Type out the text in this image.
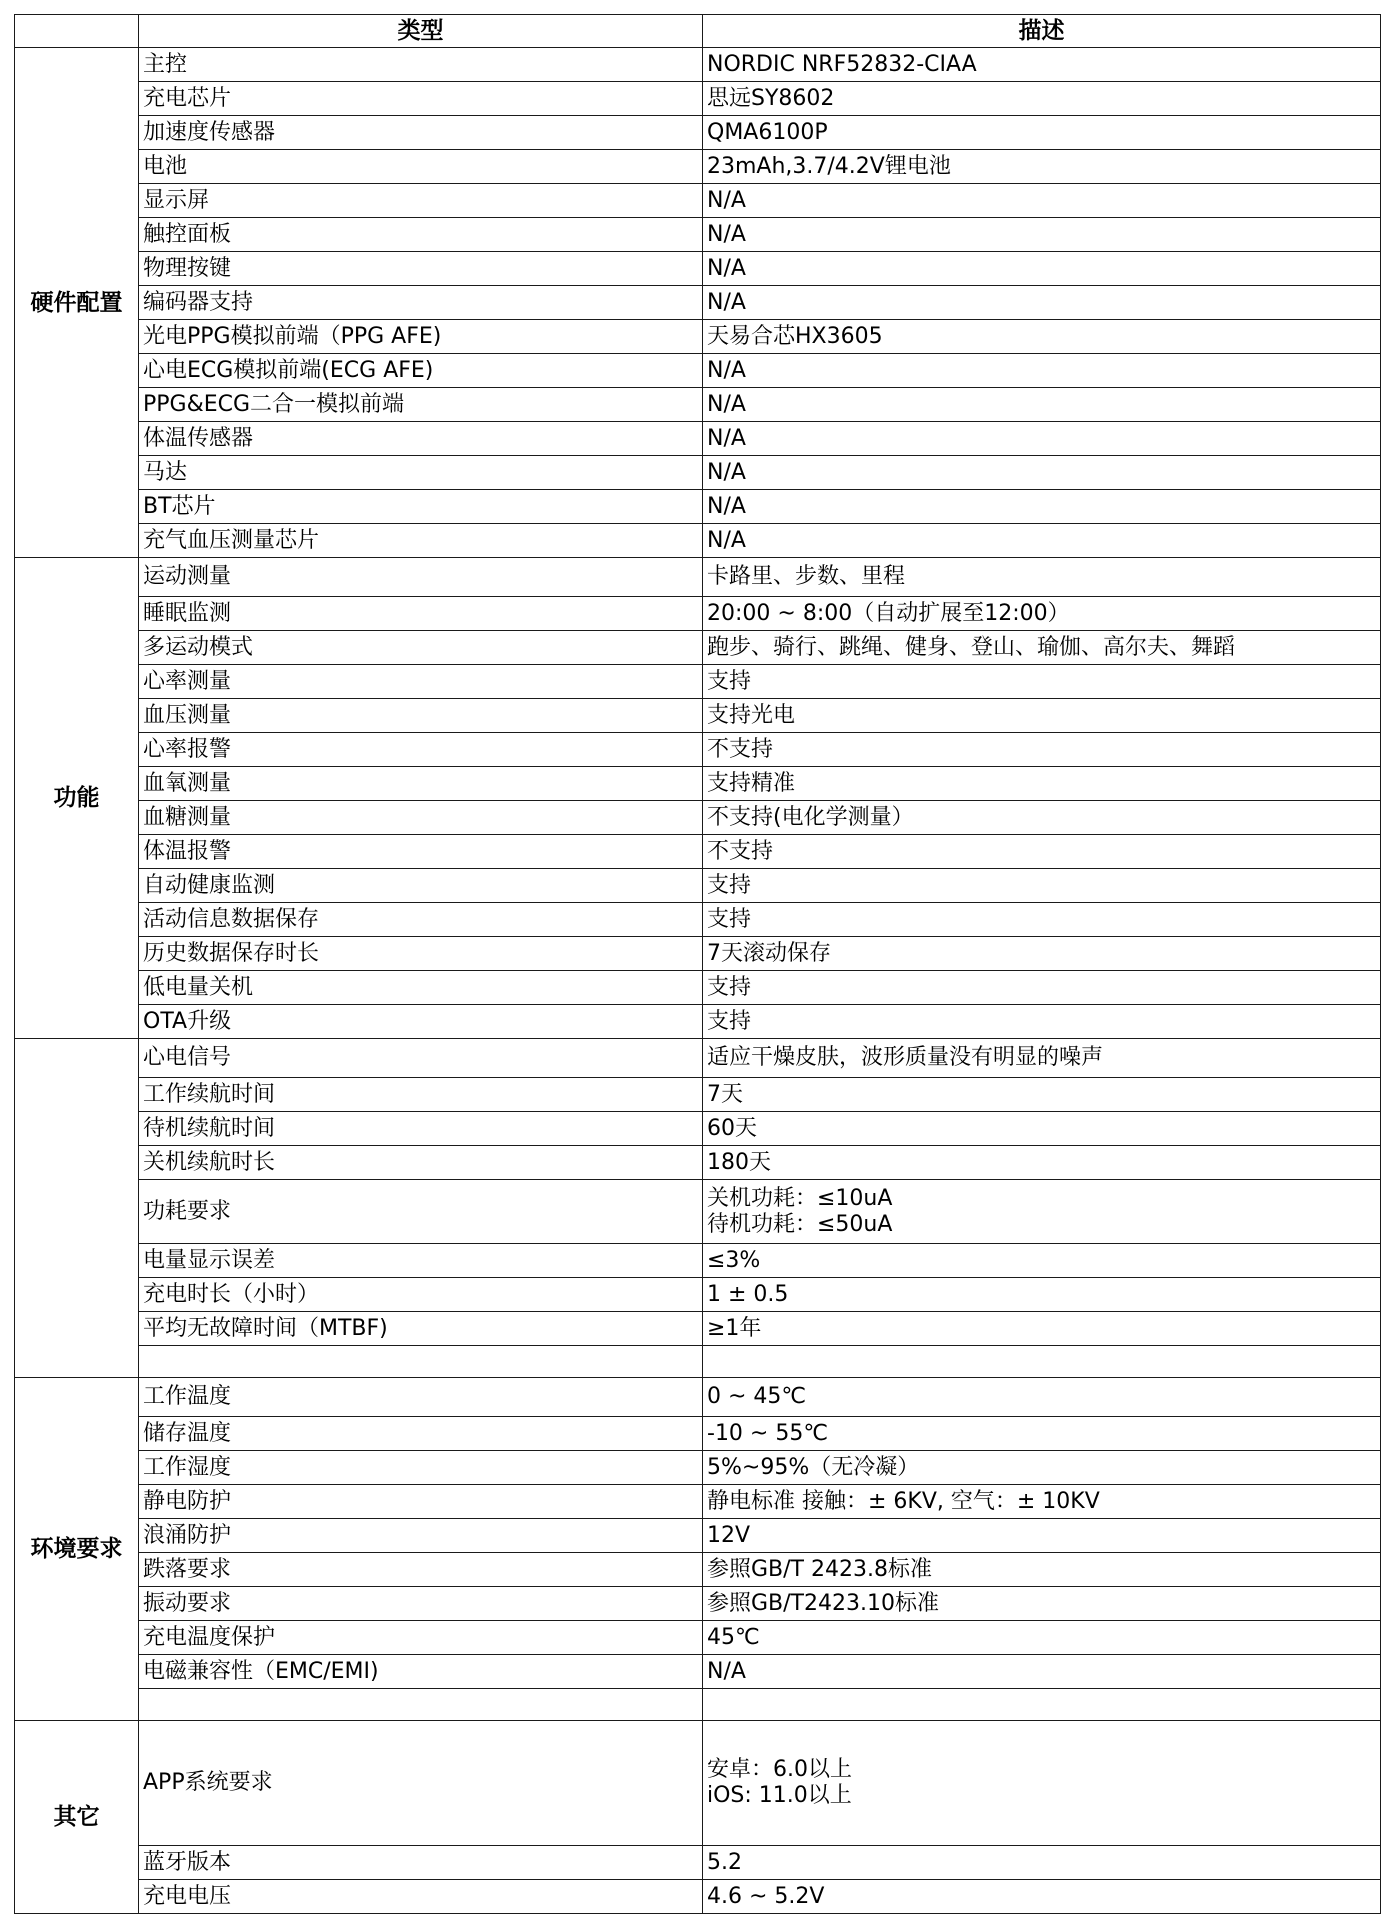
	类型	描述
硬件配置	主控	NORDIC NRF52832-CIAA

	充电芯片	思远SY8602

	加速度传感器	QMA6100P

	电池	23mAh,3.7/4.2V锂电池

	显示屏	N/A

	触控面板	N/A

	物理按键	N/A

	编码器支持	N/A

	光电PPG模拟前端（PPG AFE)	天易合芯HX3605

	心电ECG模拟前端(ECG AFE)	N/A

	PPG&ECG二合一模拟前端	N/A

	体温传感器	N/A

	马达	N/A

	BT芯片	N/A

	充气血压测量芯片	N/A

功能	运动测量	卡路里、步数、里程

	睡眠监测	20:00 ~ 8:00（自动扩展至12:00）

	多运动模式	跑步、骑行、跳绳、健身、登山、瑜伽、高尔夫、舞蹈

	心率测量	支持

	血压测量	支持光电

	心率报警	不支持

	血氧测量	支持精准

	血糖测量	不支持(电化学测量）

	体温报警	不支持

	自动健康监测	支持

	活动信息数据保存	支持

	历史数据保存时长	7天滚动保存

	低电量关机	支持

	OTA升级	支持

	心电信号	适应干燥皮肤，波形质量没有明显的噪声

	工作续航时间	7天

	待机续航时间	60天

	关机续航时长	180天

	功耗要求	关机功耗：≤10uA
待机功耗：≤50uA

	电量显示误差	≤3%

	充电时长（小时）	1 ± 0.5

	平均无故障时间（MTBF)	≥1年

环境要求	工作温度	0 ~ 45℃

	储存温度	-10 ~ 55℃

	工作湿度	5%~95%（无冷凝）

	静电防护	静电标准 接触：± 6KV, 空气：± 10KV

	浪涌防护	12V

	跌落要求	参照GB/T 2423.8标准

	振动要求	参照GB/T2423.10标准

	充电温度保护	45℃

	电磁兼容性（EMC/EMI)	N/A

其它	APP系统要求	安卓：6.0以上
iOS: 11.0以上

	蓝牙版本	5.2

	充电电压	4.6 ~ 5.2V
